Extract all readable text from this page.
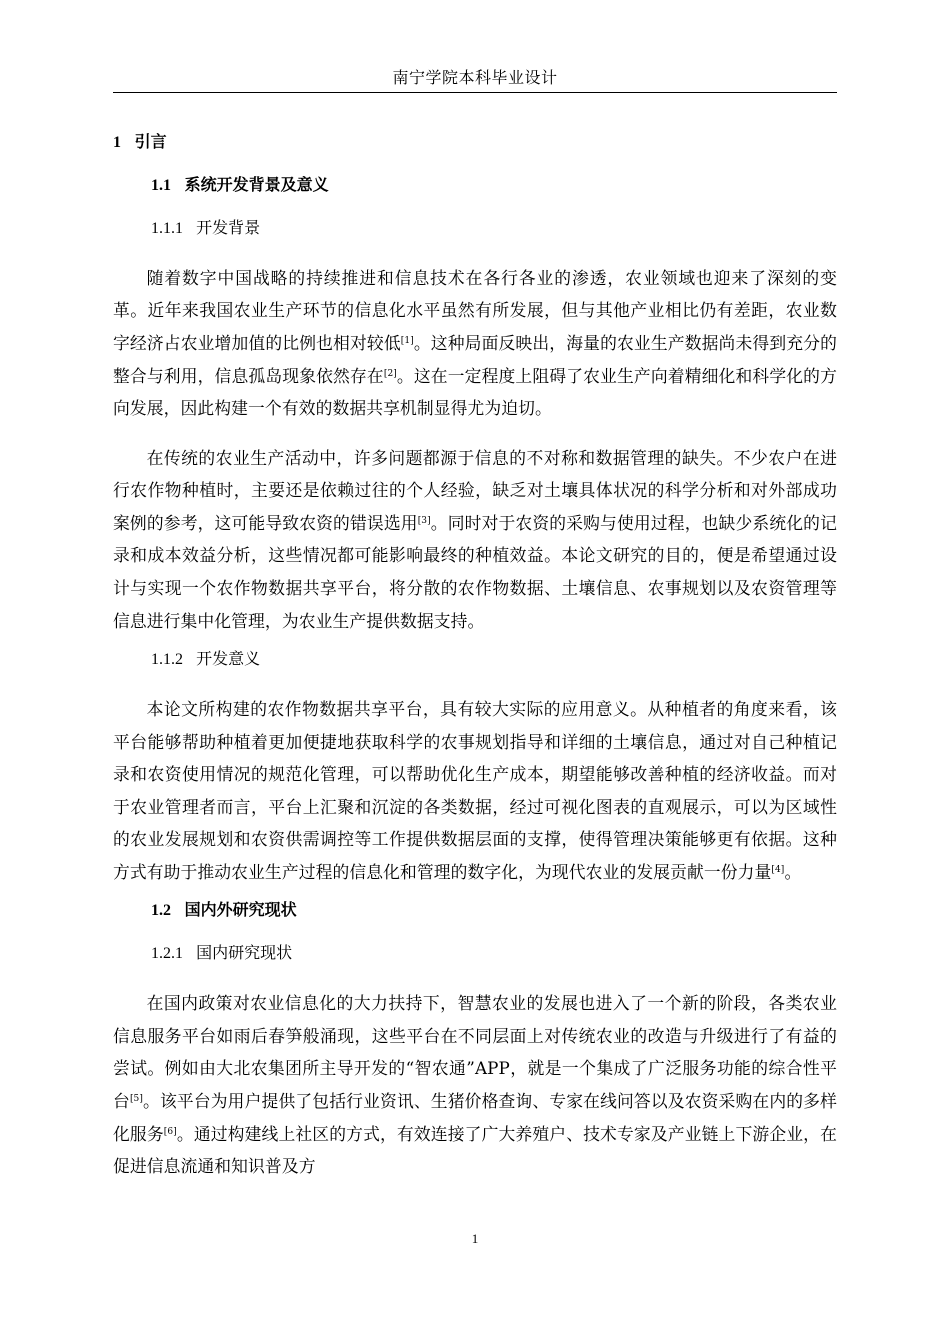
南宁学院本科毕业设计
1 引言
1.1 系统开发背景及意义
1.1.1 开发背景

随着数字中国战略的持续推进和信息技术在各行各业的渗透，农业领域也迎来了深刻的变革。近年来我国农业生产环节的信息化水平虽然有所发展，但与其他产业相比仍有差距，农业数字经济占农业增加值的比例也相对较低[1]。这种局面反映出，海量的农业生产数据尚未得到充分的整合与利用，信息孤岛现象依然存在[2]。这在一定程度上阻碍了农业生产向着精细化和科学化的方向发展，因此构建一个有效的数据共享机制显得尤为迫切。

在传统的农业生产活动中，许多问题都源于信息的不对称和数据管理的缺失。不少农户在进行农作物种植时，主要还是依赖过往的个人经验，缺乏对土壤具体状况的科学分析和对外部成功案例的参考，这可能导致农资的错误选用[3]。同时对于农资的采购与使用过程，也缺少系统化的记录和成本效益分析，这些情况都可能影响最终的种植效益。本论文研究的目的，便是希望通过设计与实现一个农作物数据共享平台，将分散的农作物数据、土壤信息、农事规划以及农资管理等信息进行集中化管理，为农业生产提供数据支持。

1.1.2 开发意义

本论文所构建的农作物数据共享平台，具有较大实际的应用意义。从种植者的角度来看，该平台能够帮助种植着更加便捷地获取科学的农事规划指导和详细的土壤信息，通过对自己种植记录和农资使用情况的规范化管理，可以帮助优化生产成本，期望能够改善种植的经济收益。而对于农业管理者而言，平台上汇聚和沉淀的各类数据，经过可视化图表的直观展示，可以为区域性的农业发展规划和农资供需调控等工作提供数据层面的支撑，使得管理决策能够更有依据。这种方式有助于推动农业生产过程的信息化和管理的数字化，为现代农业的发展贡献一份力量[4]。

1.2 国内外研究现状
1.2.1 国内研究现状

在国内政策对农业信息化的大力扶持下，智慧农业的发展也进入了一个新的阶段，各类农业信息服务平台如雨后春笋般涌现，这些平台在不同层面上对传统农业的改造与升级进行了有益的尝试。例如由大北农集团所主导开发的“智农通”APP，就是一个集成了广泛服务功能的综合性平台[5]。该平台为用户提供了包括行业资讯、生猪价格查询、专家在线问答以及农资采购在内的多样化服务[6]。通过构建线上社区的方式，有效连接了广大养殖户、技术专家及产业链上下游企业，在促进信息流通和知识普及方

1
